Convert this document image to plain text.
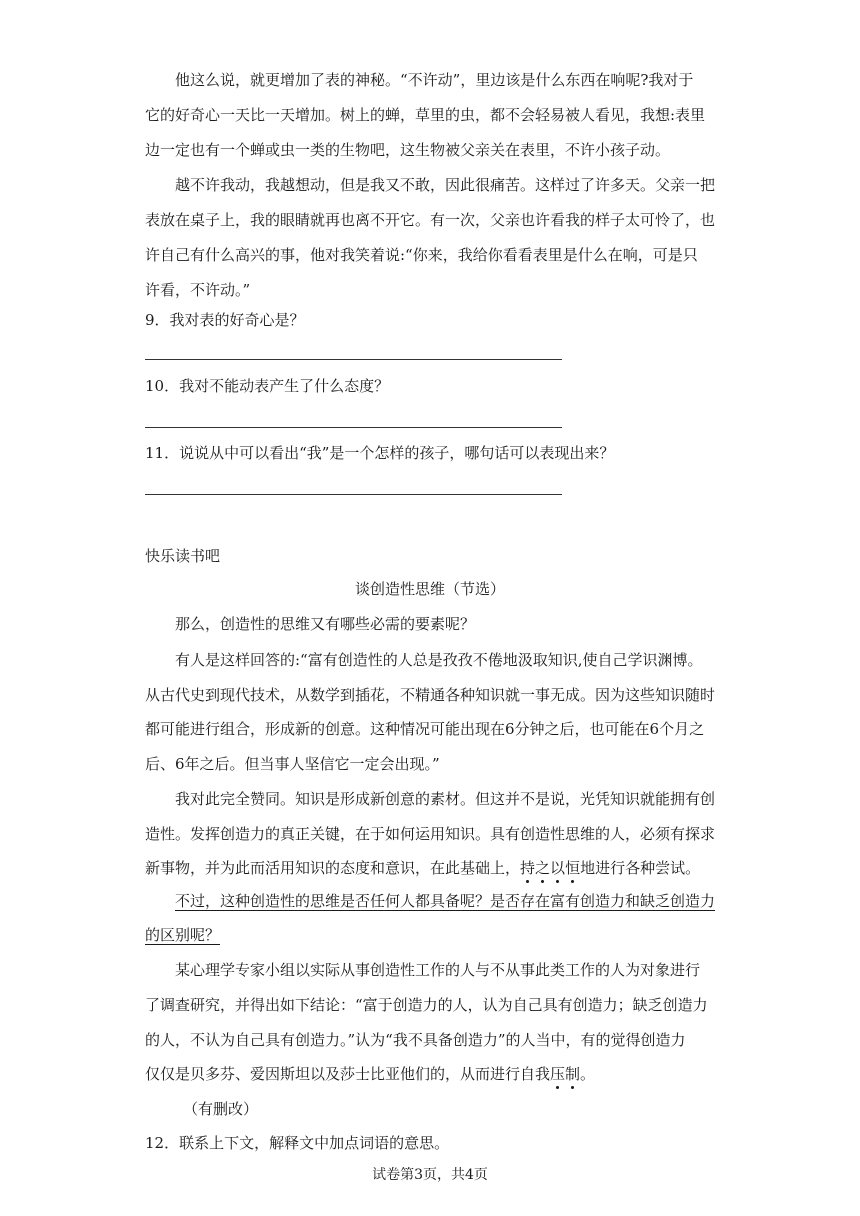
他这么说，就更增加了表的神秘。“不许动”，里边该是什么东西在响呢?我对于
它的好奇心一天比一天增加。树上的蝉，草里的虫，都不会轻易被人看见，我想:表里
边一定也有一个蝉或虫一类的生物吧，这生物被父亲关在表里，不许小孩子动。
越不许我动，我越想动，但是我又不敢，因此很痛苦。这样过了许多天。父亲一把
表放在桌子上，我的眼睛就再也离不开它。有一次，父亲也许看我的样子太可怜了，也
许自己有什么高兴的事，他对我笑着说:“你来，我给你看看表里是什么在响，可是只
许看，不许动。”
9．我对表的好奇心是？
10．我对不能动表产生了什么态度？
11．说说从中可以看出“我”是一个怎样的孩子，哪句话可以表现出来？
快乐读书吧
谈创造性思维（节选）
那么，创造性的思维又有哪些必需的要素呢？
有人是这样回答的:“富有创造性的人总是孜孜不倦地汲取知识,使自己学识渊博。
从古代史到现代技术，从数学到插花，不精通各种知识就一事无成。因为这些知识随时
都可能进行组合，形成新的创意。这种情况可能出现在6分钟之后，也可能在6个月之
后、6年之后。但当事人坚信它一定会出现。”
我对此完全赞同。知识是形成新创意的素材。但这并不是说，光凭知识就能拥有创
造性。发挥创造力的真正关键，在于如何运用知识。具有创造性思维的人，必须有探求
新事物，并为此而活用知识的态度和意识，在此基础上，持之以恒地进行各种尝试。
不过，这种创造性的思维是否任何人都具备呢？是否存在富有创造力和缺乏创造力
的区别呢？
某心理学专家小组以实际从事创造性工作的人与不从事此类工作的人为对象进行
了调查研究，并得出如下结论：“富于创造力的人，认为自己具有创造力；缺乏创造力
的人，不认为自己具有创造力。”认为“我不具备创造力”的人当中，有的觉得创造力
仅仅是贝多芬、爱因斯坦以及莎士比亚他们的，从而进行自我压制。
（有删改）
12．联系上下文，解释文中加点词语的意思。
试卷第3页，共4页
